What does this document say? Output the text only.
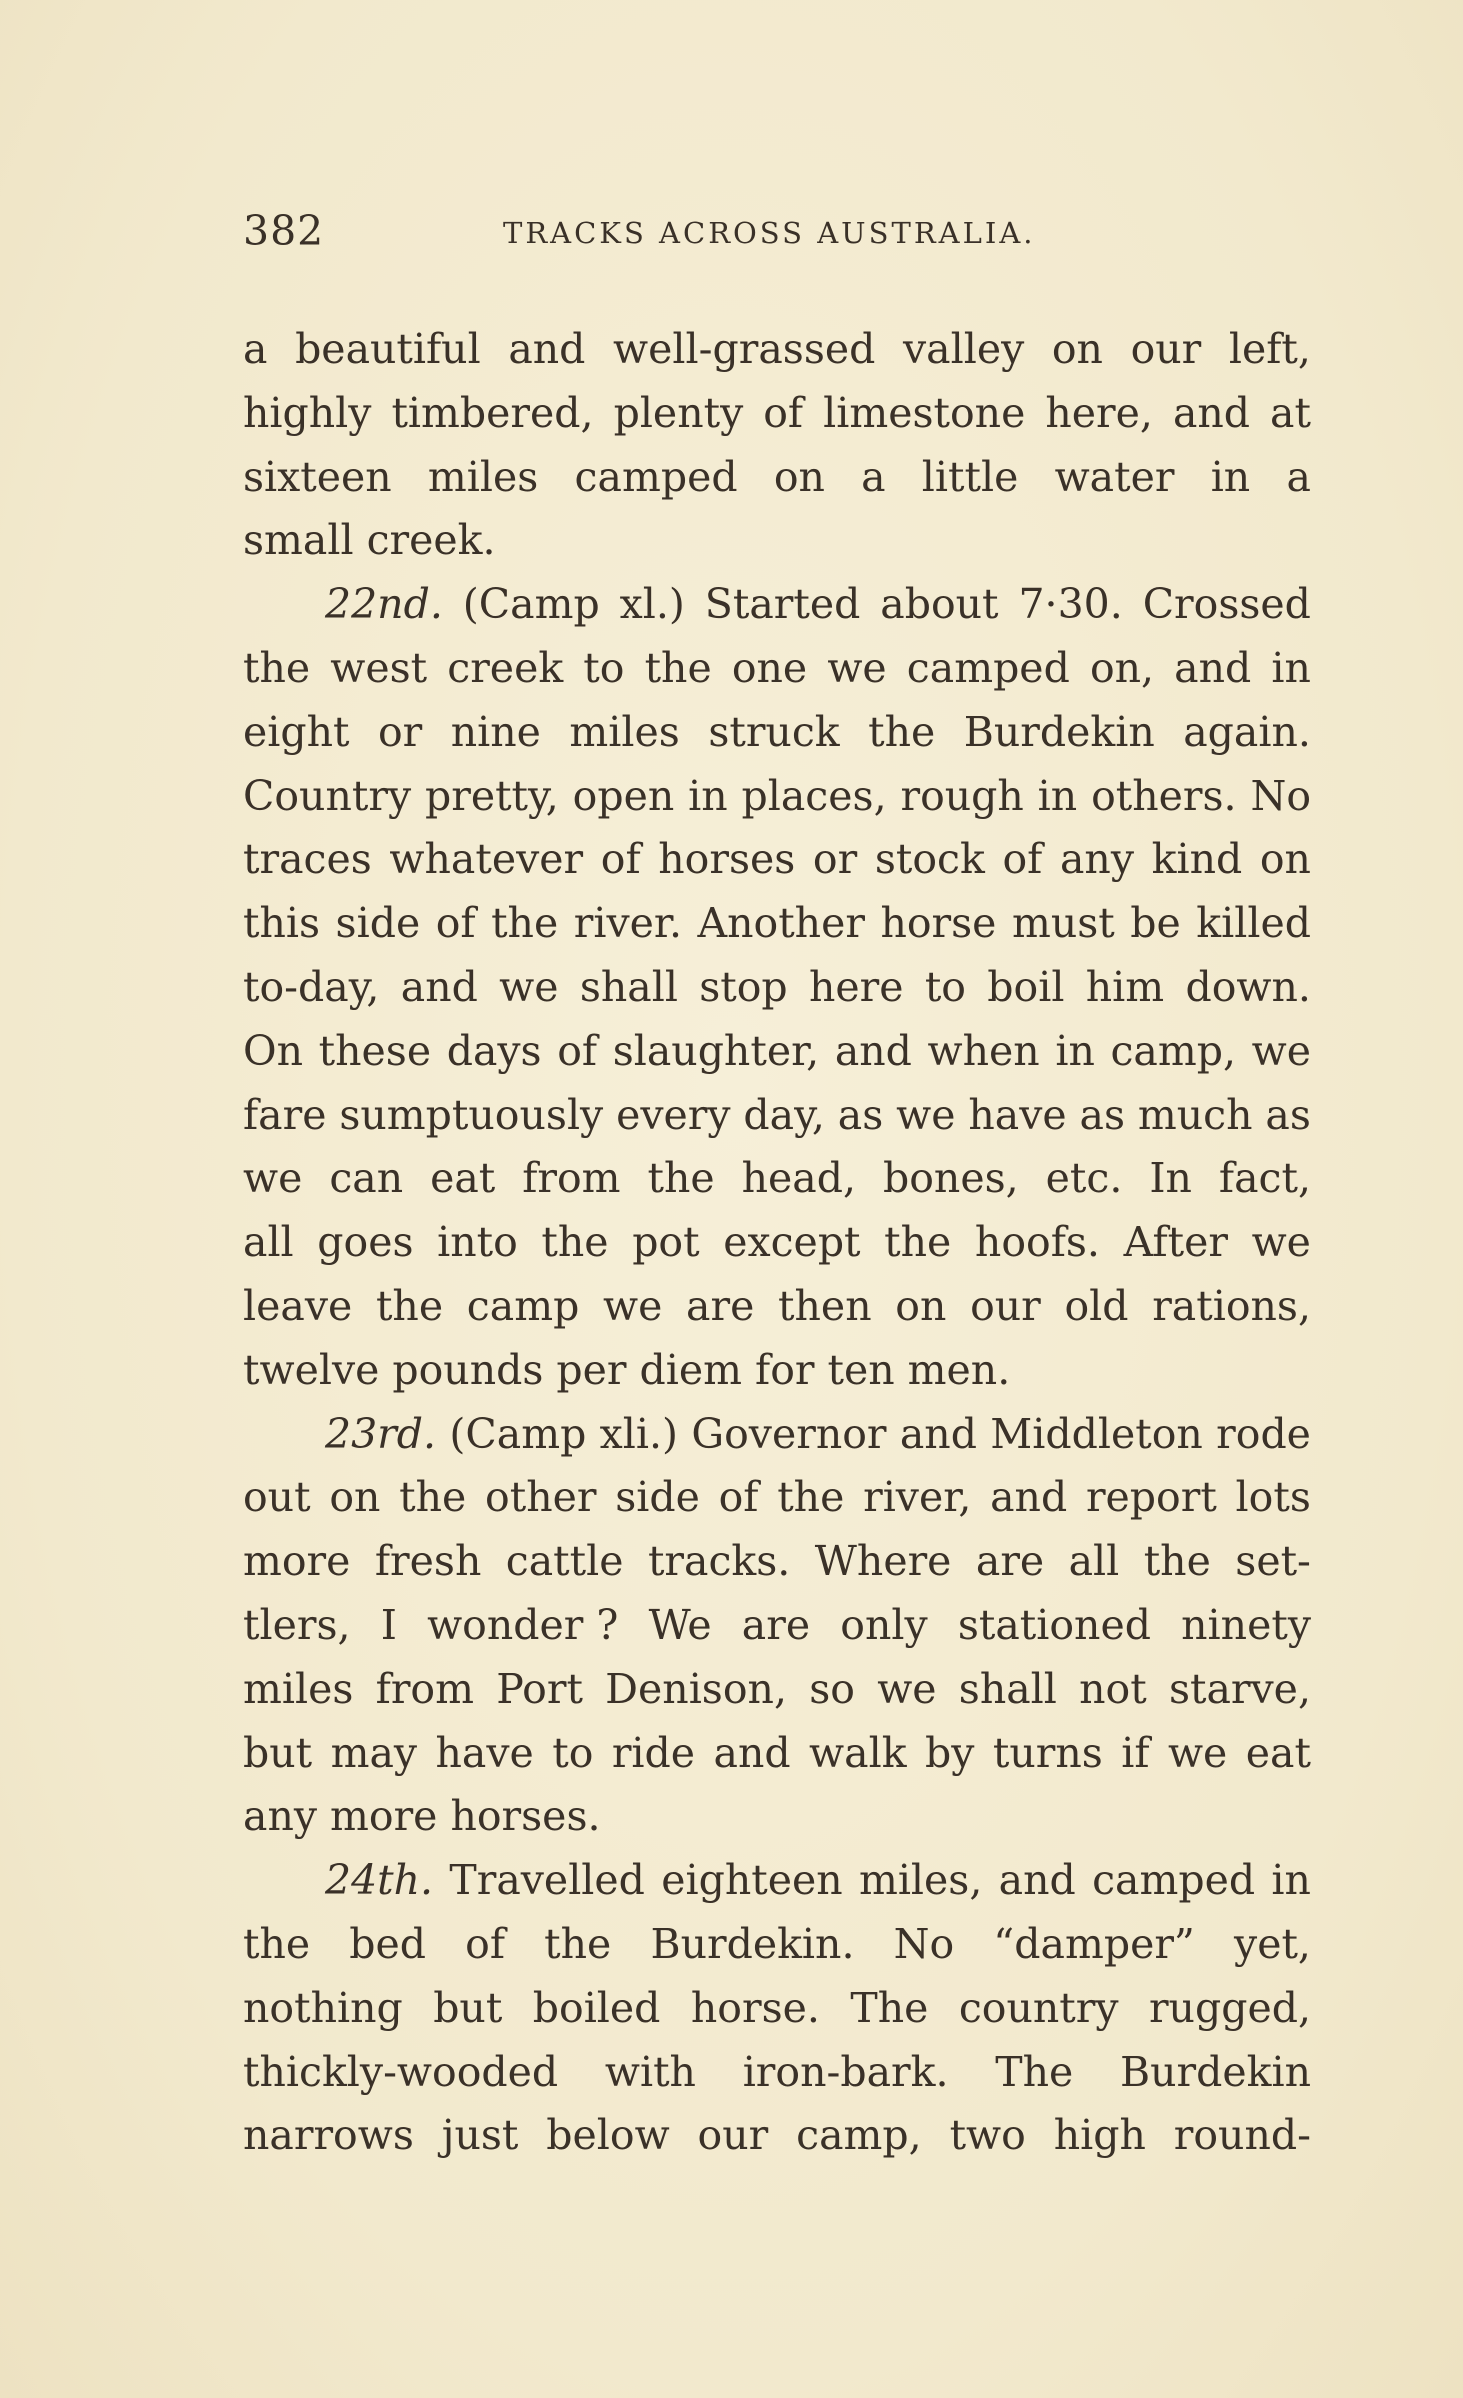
382	TRACKS ACROSS AUSTRALIA.
a beautiful and well-grassed valley on our left,
highly timbered, plenty of limestone here, and at
sixteen miles camped on a little water in a
small creek.
22nd. (Camp xl.) Started about 7·30. Crossed
the west creek to the one we camped on, and in
eight or nine miles struck the Burdekin again.
Country pretty, open in places, rough in others. No
traces whatever of horses or stock of any kind on
this side of the river. Another horse must be killed
to-day, and we shall stop here to boil him down.
On these days of slaughter, and when in camp, we
fare sumptuously every day, as we have as much as
we can eat from the head, bones, etc. In fact,
all goes into the pot except the hoofs. After we
leave the camp we are then on our old rations,
twelve pounds per diem for ten men.
23rd. (Camp xli.) Governor and Middleton rode
out on the other side of the river, and report lots
more fresh cattle tracks. Where are all the set-
tlers, I wonder ? We are only stationed ninety
miles from Port Denison, so we shall not starve,
but may have to ride and walk by turns if we eat
any more horses.
24th. Travelled eighteen miles, and camped in
the bed of the Burdekin. No “damper” yet,
nothing but boiled horse. The country rugged,
thickly-wooded with iron-bark. The Burdekin
narrows just below our camp, two high round-
